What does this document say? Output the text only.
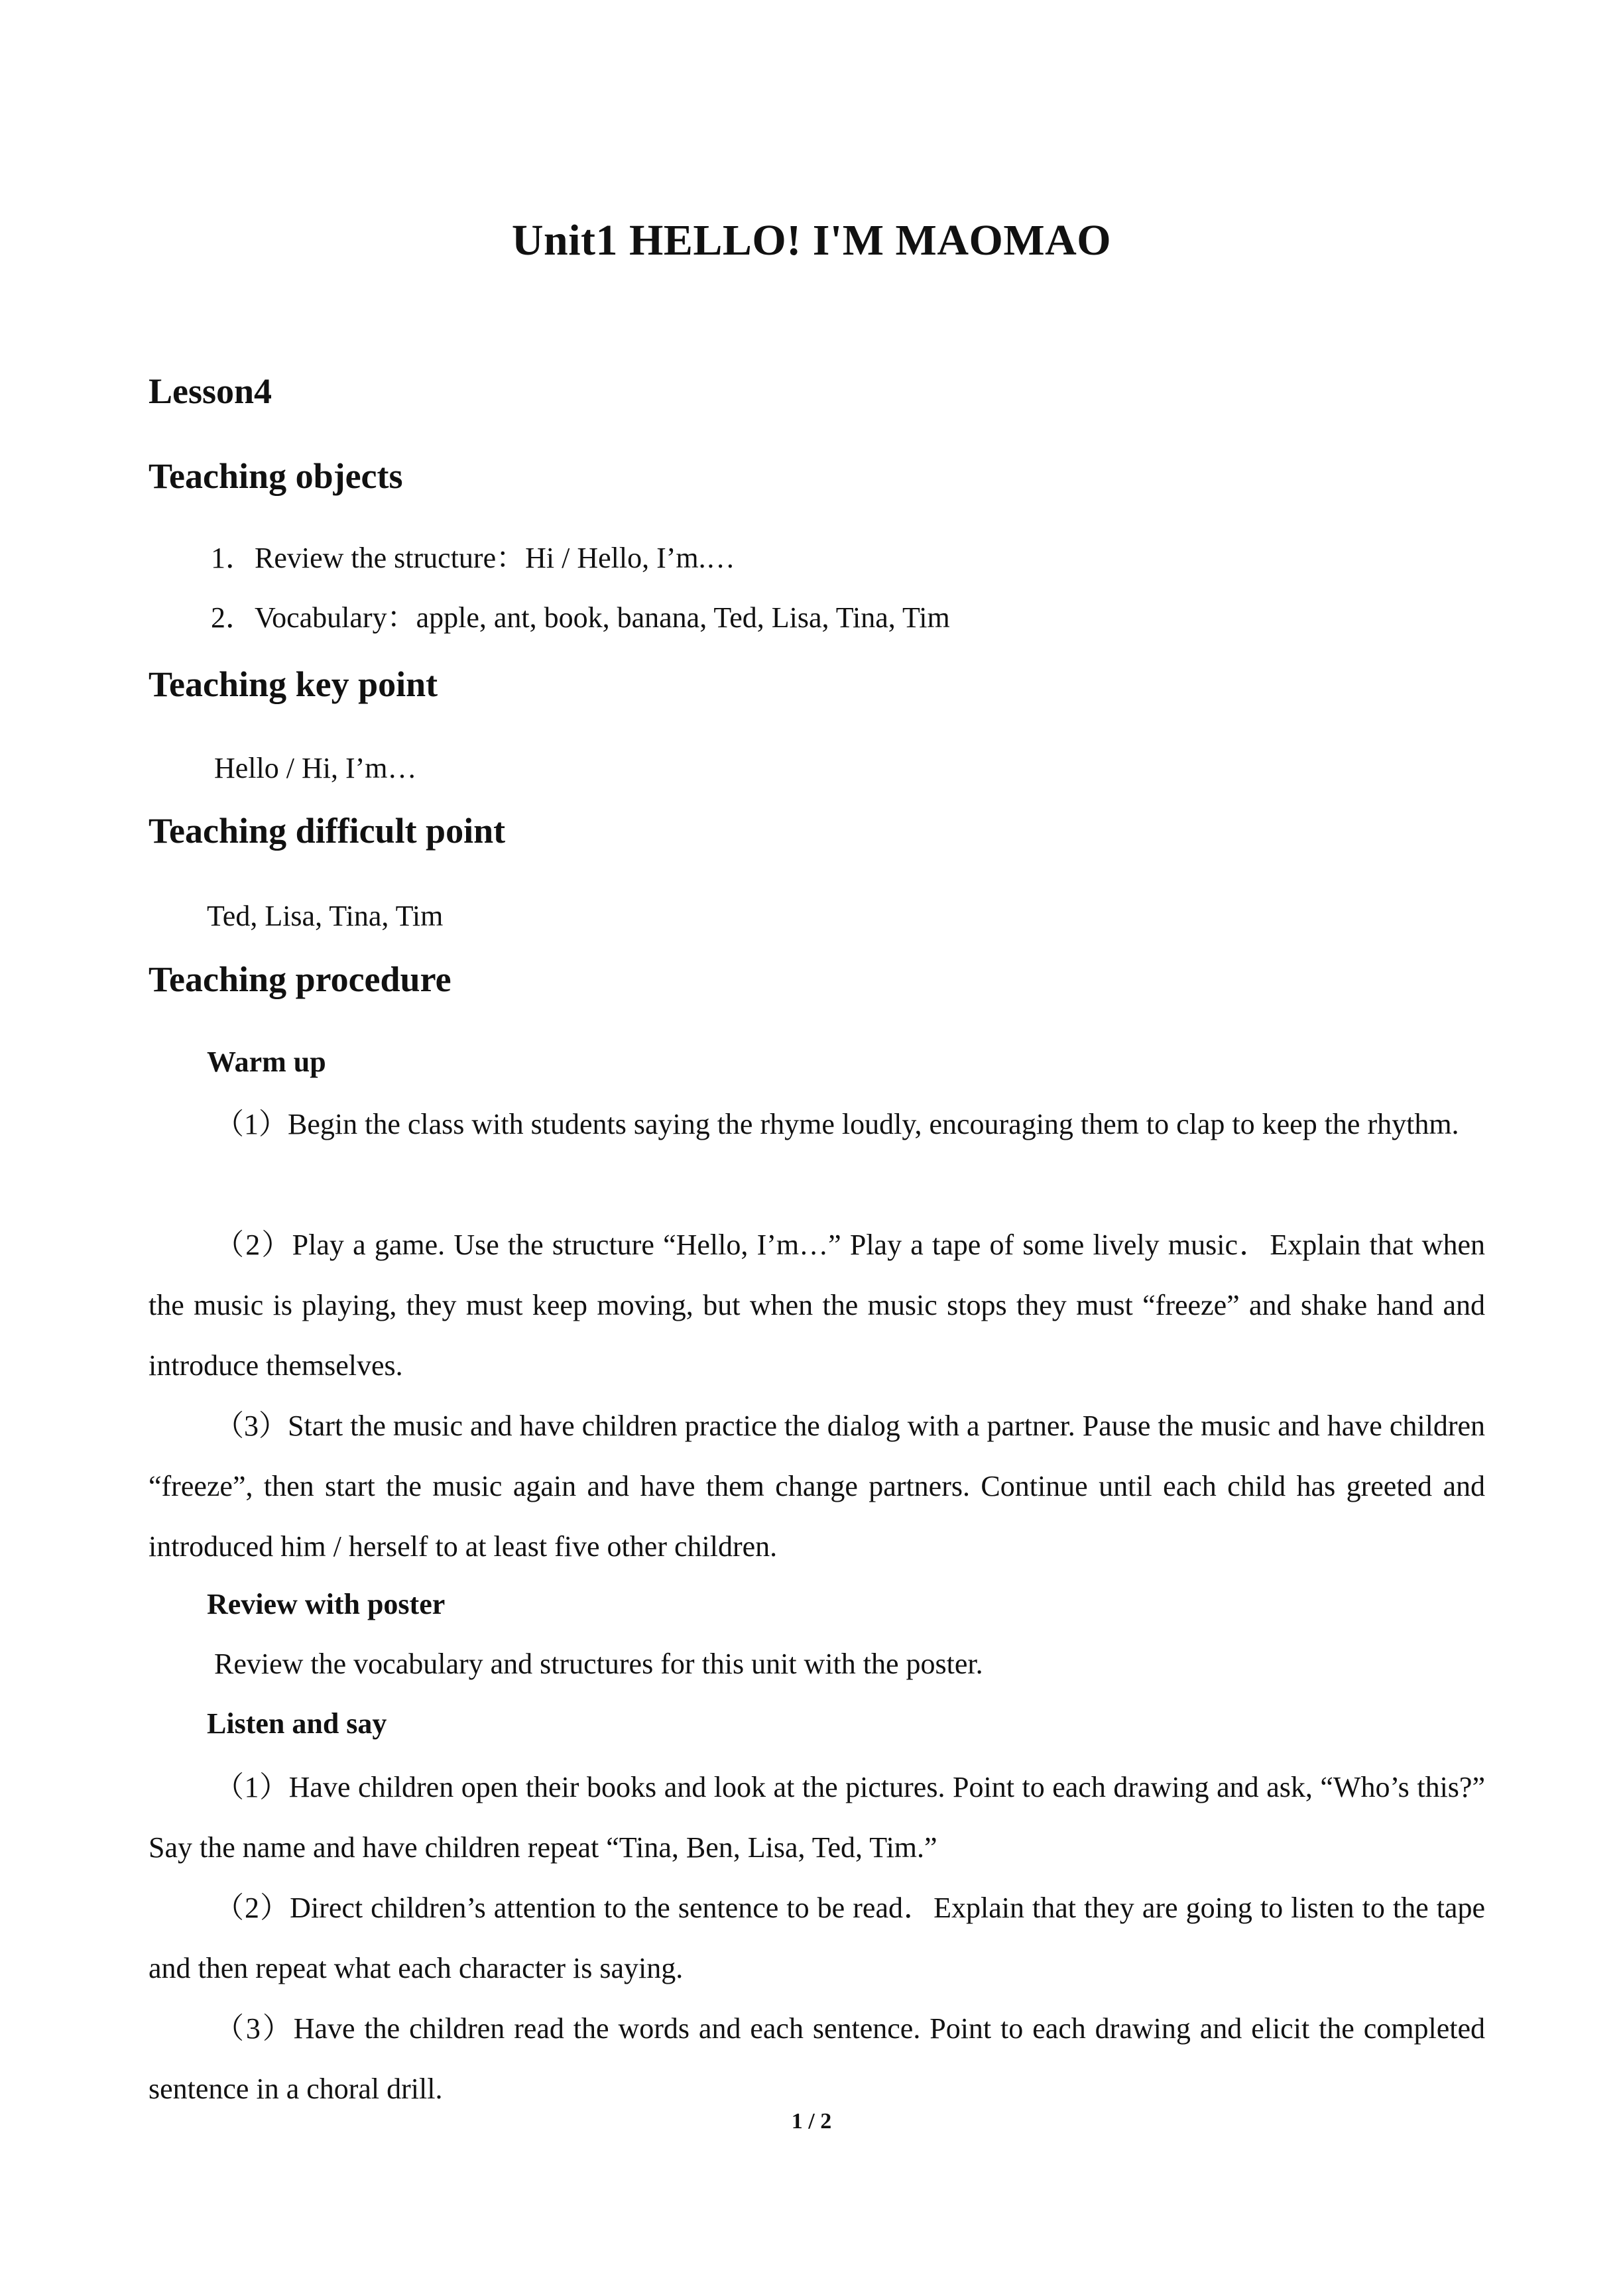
Unit1 HELLO! I'M MAOMAO
Lesson4
Teaching objects
1．Review the structure：Hi / Hello, I’m.…
2．Vocabulary：apple, ant, book, banana, Ted, Lisa, Tina, Tim
Teaching key point
Hello / Hi, I’m…
Teaching difficult point
Ted, Lisa, Tina, Tim
Teaching procedure
Warm up
（1）Begin the class with students saying the rhyme loudly, encouraging them to clap to keep the rhythm.
（2）Play a game. Use the structure “Hello, I’m…” Play a tape of some lively music．Explain that when the music is playing, they must keep moving, but when the music stops they must “freeze” and shake hand and introduce themselves.
（3）Start the music and have children practice the dialog with a partner. Pause the music and have children “freeze”, then start the music again and have them change partners. Continue until each child has greeted and introduced him / herself to at least five other children.
Review with poster
Review the vocabulary and structures for this unit with the poster.
Listen and say
（1）Have children open their books and look at the pictures. Point to each drawing and ask, “Who’s this?” Say the name and have children repeat “Tina, Ben, Lisa, Ted, Tim.”
（2）Direct children’s attention to the sentence to be read．Explain that they are going to listen to the tape and then repeat what each character is saying.
（3）Have the children read the words and each sentence. Point to each drawing and elicit the completed sentence in a choral drill.
1 / 2
